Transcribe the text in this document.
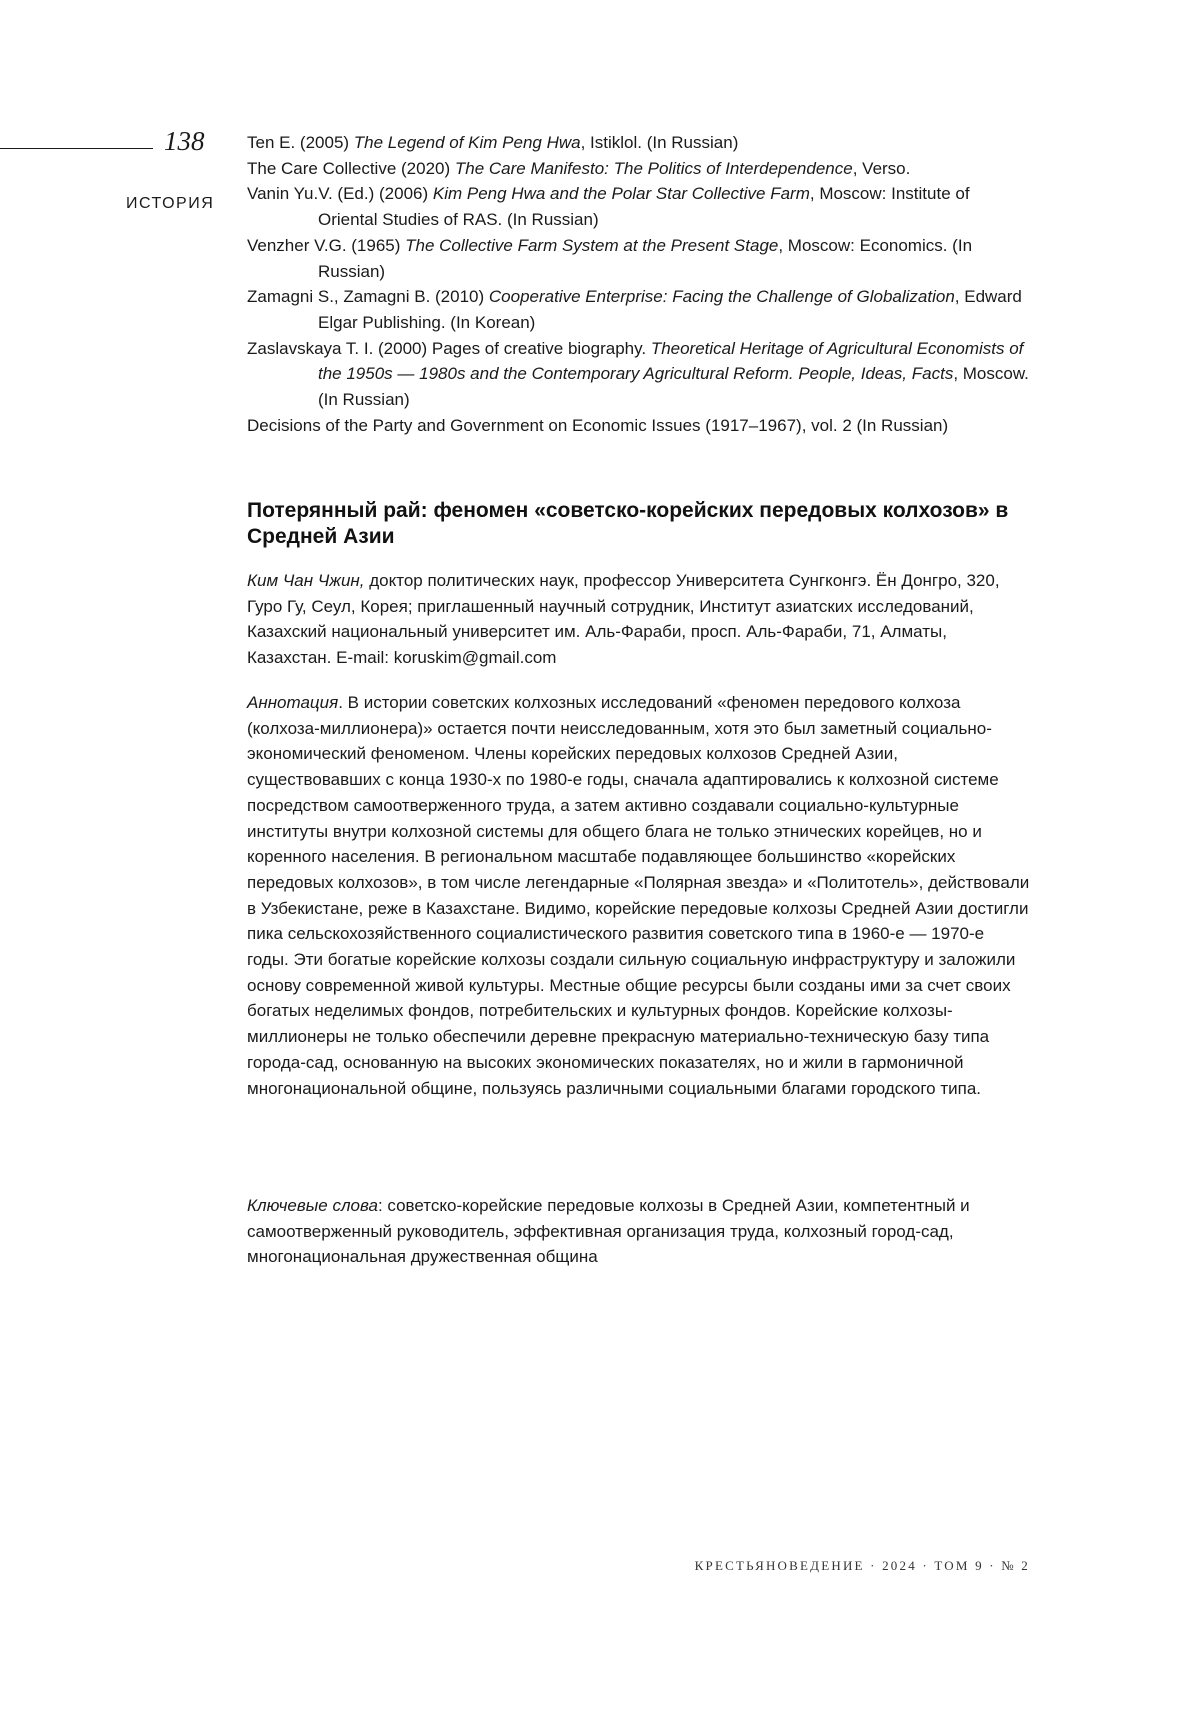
138
ИСТОРИЯ
Ten E. (2005) The Legend of Kim Peng Hwa, Istiklol. (In Russian)
The Care Collective (2020) The Care Manifesto: The Politics of Interdependence, Verso.
Vanin Yu.V. (Ed.) (2006) Kim Peng Hwa and the Polar Star Collective Farm, Moscow: Institute of Oriental Studies of RAS. (In Russian)
Venzher V.G. (1965) The Collective Farm System at the Present Stage, Moscow: Economics. (In Russian)
Zamagni S., Zamagni B. (2010) Cooperative Enterprise: Facing the Challenge of Globalization, Edward Elgar Publishing. (In Korean)
Zaslavskaya T. I. (2000) Pages of creative biography. Theoretical Heritage of Agricultural Economists of the 1950s — 1980s and the Contemporary Agricultural Reform. People, Ideas, Facts, Moscow. (In Russian)
Decisions of the Party and Government on Economic Issues (1917–1967), vol. 2 (In Russian)
Потерянный рай: феномен «советско-корейских передовых колхозов» в Средней Азии
Ким Чан Чжин, доктор политических наук, профессор Университета Сунгконгэ. Ён Донгро, 320, Гуро Гу, Сеул, Корея; приглашенный научный сотрудник, Институт азиатских исследований, Казахский национальный университет им. Аль-Фараби, просп. Аль-Фараби, 71, Алматы, Казахстан. E-mail: koruskim@gmail.com
Аннотация. В истории советских колхозных исследований «феномен передового колхоза (колхоза-миллионера)» остается почти неисследованным, хотя это был заметный социально-экономический феноменом. Члены корейских передовых колхозов Средней Азии, существовавших с конца 1930-х по 1980-е годы, сначала адаптировались к колхозной системе посредством самоотверженного труда, а затем активно создавали социально-культурные институты внутри колхозной системы для общего блага не только этнических корейцев, но и коренного населения. В региональном масштабе подавляющее большинство «корейских передовых колхозов», в том числе легендарные «Полярная звезда» и «Политотель», действовали в Узбекистане, реже в Казахстане. Видимо, корейские передовые колхозы Средней Азии достигли пика сельскохозяйственного социалистического развития советского типа в 1960-е — 1970-е годы. Эти богатые корейские колхозы создали сильную социальную инфраструктуру и заложили основу современной живой культуры. Местные общие ресурсы были созданы ими за счет своих богатых неделимых фондов, потребительских и культурных фондов. Корейские колхозы-миллионеры не только обеспечили деревне прекрасную материально-техническую базу типа города-сад, основанную на высоких экономических показателях, но и жили в гармоничной многонациональной общине, пользуясь различными социальными благами городского типа.
Ключевые слова: советско-корейские передовые колхозы в Средней Азии, компетентный и самоотверженный руководитель, эффективная организация труда, колхозный город-сад, многонациональная дружественная община
КРЕСТЬЯНОВЕДЕНИЕ · 2024 · ТОМ 9 · № 2
